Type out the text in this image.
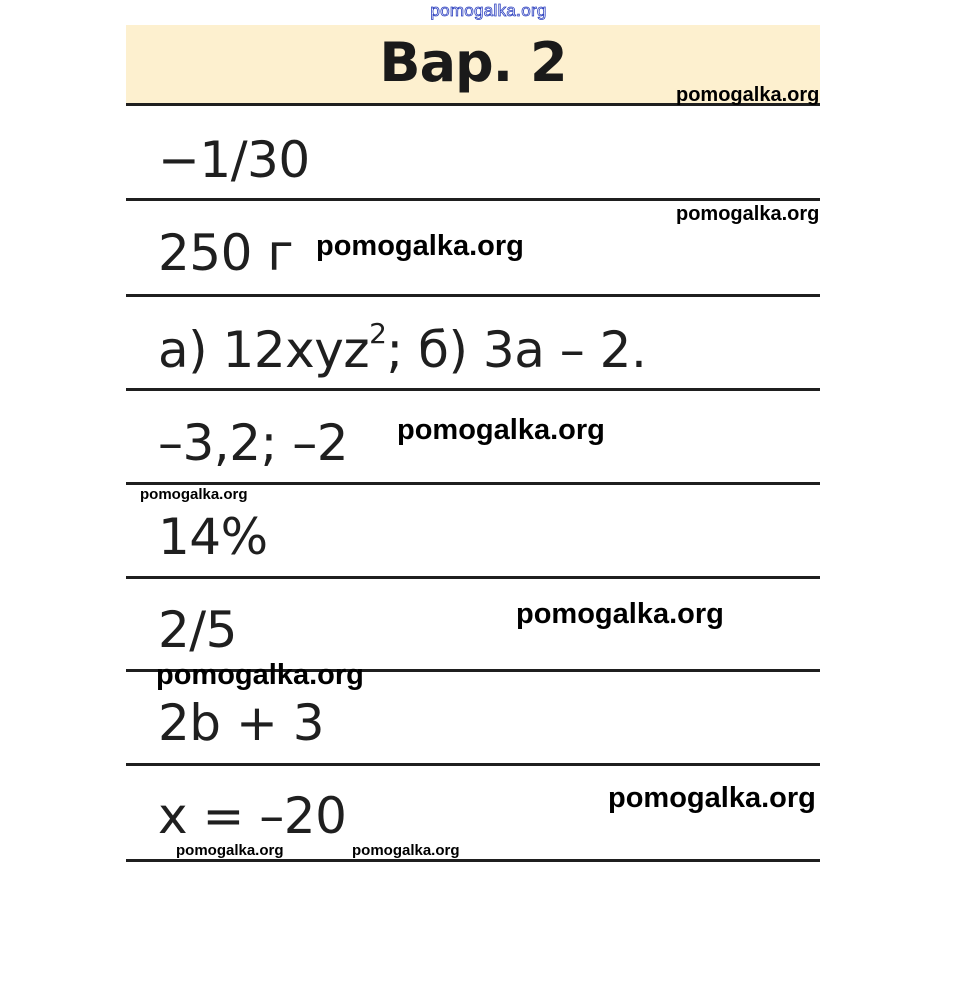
pomogalka.org
Вар. 2
−1/30
250 г
а) 12xyz$^2$; б) 3а – 2.
–3,2; –2
14%
2/5
2b + 3
x = –20
pomogalka.org
pomogalka.org
pomogalka.org
pomogalka.org
pomogalka.org
pomogalka.org
pomogalka.org
pomogalka.org
pomogalka.org	pomogalka.org
